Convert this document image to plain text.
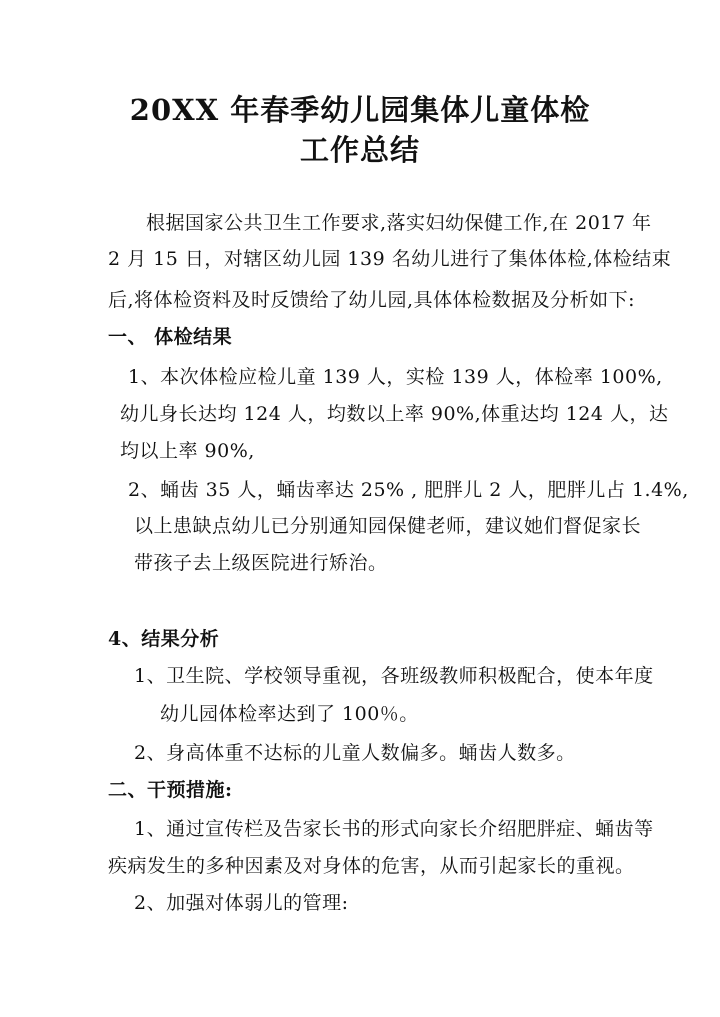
20XX 年春季幼儿园集体儿童体检
工作总结
根据国家公共卫生工作要求,落实妇幼保健工作,在 2017 年
2 月 15 日，对辖区幼儿园 139 名幼儿进行了集体体检,体检结束
后,将体检资料及时反馈给了幼儿园,具体体检数据及分析如下:
一、 体检结果
1、本次体检应检儿童 139 人，实检 139 人，体检率 100%,
幼儿身长达均 124 人，均数以上率 90%,体重达均 124 人，达
均以上率 90%,
2、蛹齿 35 人，蛹齿率达 25% , 肥胖儿 2 人，肥胖儿占 1.4%,
以上患缺点幼儿已分别通知园保健老师，建议她们督促家长
带孩子去上级医院进行矫治。
4、结果分析
1、卫生院、学校领导重视，各班级教师积极配合，使本年度
幼儿园体检率达到了 100％。
2、身高体重不达标的儿童人数偏多。蛹齿人数多。
二、干预措施:
1、通过宣传栏及告家长书的形式向家长介绍肥胖症、蛹齿等
疾病发生的多种因素及对身体的危害，从而引起家长的重视。
2、加强对体弱儿的管理:
